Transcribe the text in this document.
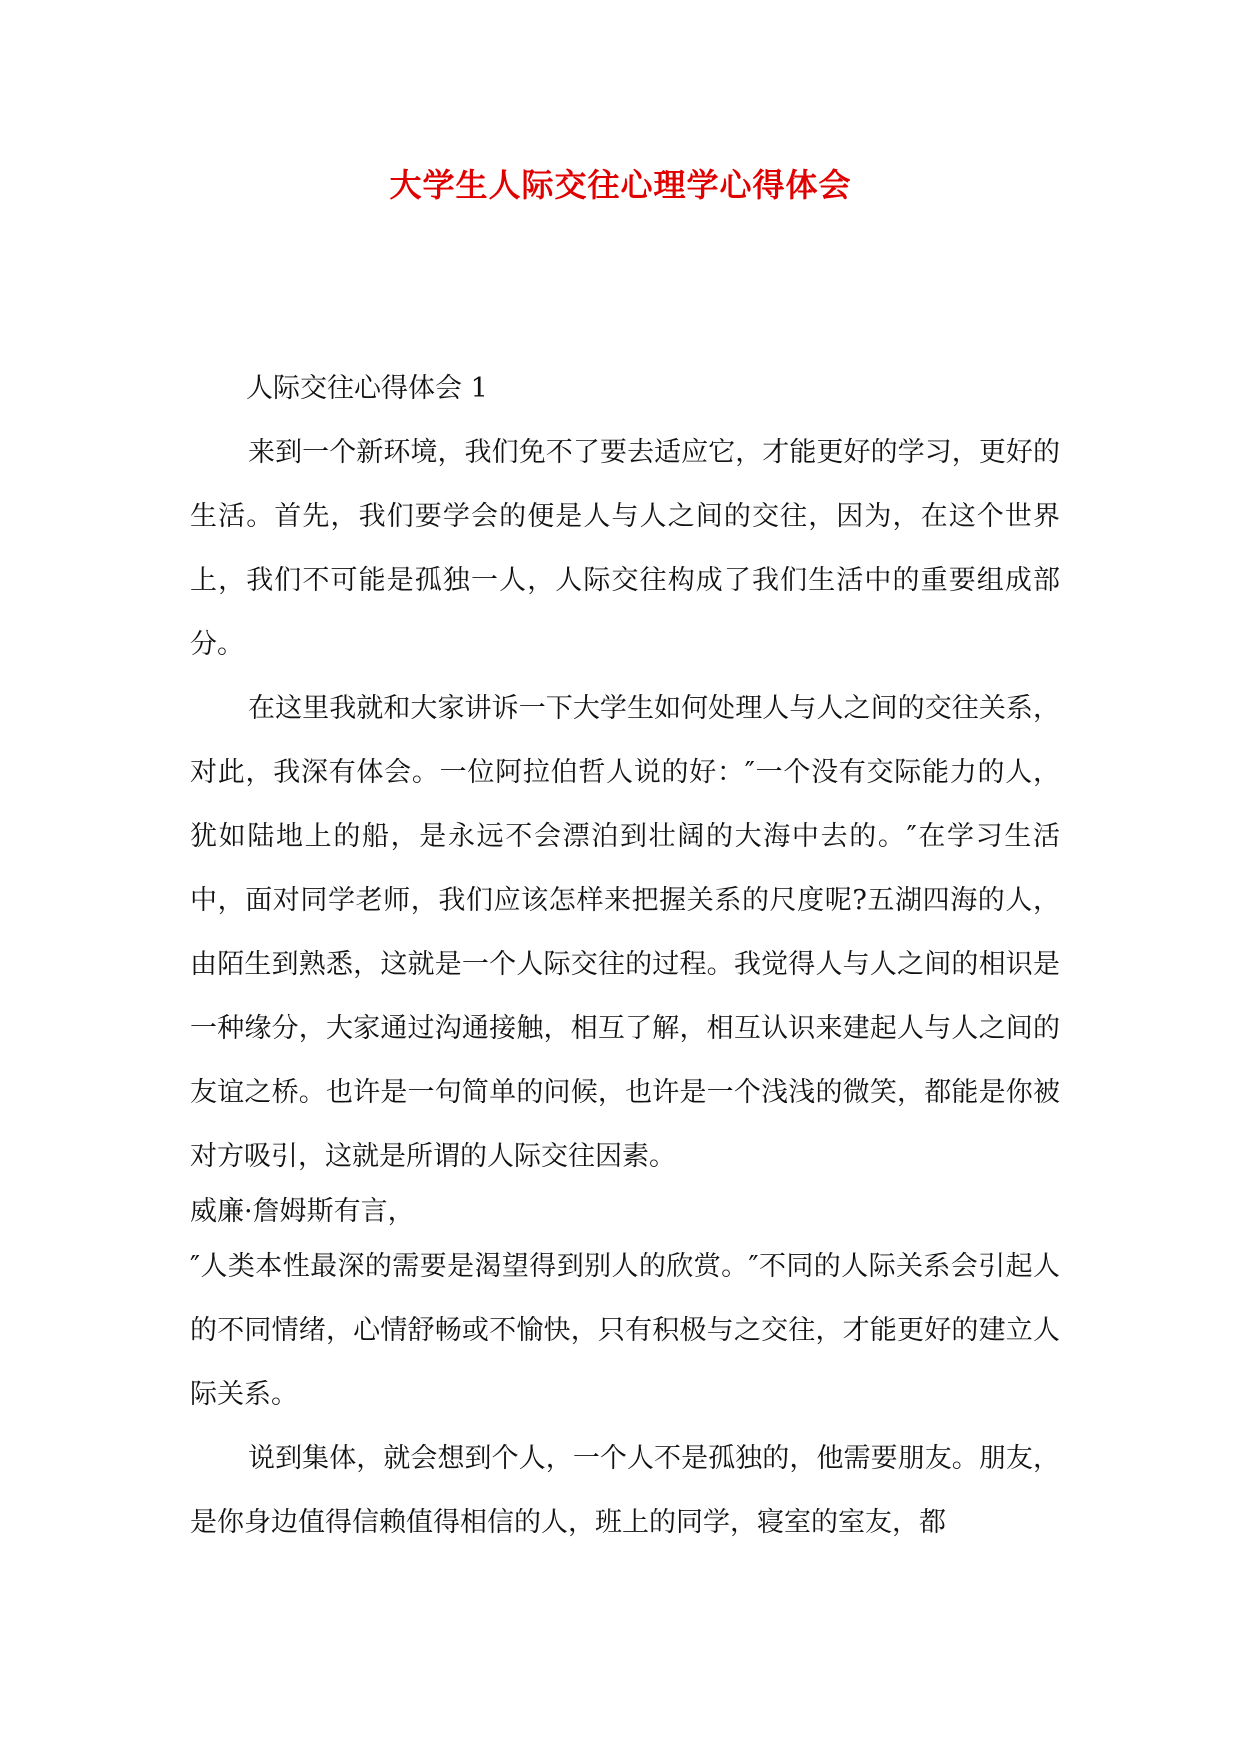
大学生人际交往心理学心得体会

人际交往心得体会 1

来到一个新环境，我们免不了要去适应它，才能更好的学习，更好的生活。首先，我们要学会的便是人与人之间的交往，因为，在这个世界上，我们不可能是孤独一人，人际交往构成了我们生活中的重要组成部分。

在这里我就和大家讲诉一下大学生如何处理人与人之间的交往关系，对此，我深有体会。一位阿拉伯哲人说的好：″一个没有交际能力的人，犹如陆地上的船，是永远不会漂泊到壮阔的大海中去的。″在学习生活中，面对同学老师，我们应该怎样来把握关系的尺度呢?五湖四海的人，由陌生到熟悉，这就是一个人际交往的过程。我觉得人与人之间的相识是一种缘分，大家通过沟通接触，相互了解，相互认识来建起人与人之间的友谊之桥。也许是一句简单的问候，也许是一个浅浅的微笑，都能是你被对方吸引，这就是所谓的人际交往因素。

威廉·詹姆斯有言，

″人类本性最深的需要是渴望得到别人的欣赏。″不同的人际关系会引起人的不同情绪，心情舒畅或不愉快，只有积极与之交往，才能更好的建立人际关系。

说到集体，就会想到个人，一个人不是孤独的，他需要朋友。朋友，是你身边值得信赖值得相信的人，班上的同学，寝室的室友，都
